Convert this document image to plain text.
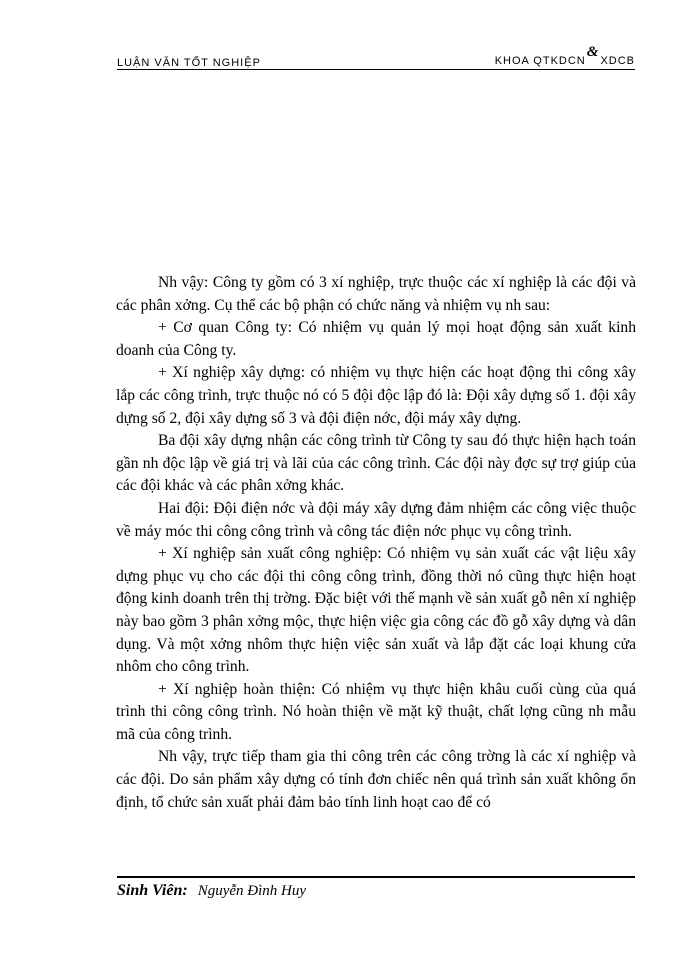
LUẬN VĂN TỐT NGHIỆP	KHOA QTKDCN&XDCB

Nh vậy: Công ty gồm có 3 xí nghiệp, trực thuộc các xí nghiệp là các đội và các phân xởng. Cụ thể các bộ phận có chức năng và nhiệm vụ nh sau:

+ Cơ quan Công ty: Có nhiệm vụ quản lý mọi hoạt động sản xuất kinh doanh của Công ty.

+ Xí nghiệp xây dựng: có nhiệm vụ thực hiện các hoạt động thi công xây lắp các công trình, trực thuộc nó có 5 đội độc lập đó là: Đội xây dựng số 1. đội xây dựng số 2, đội xây dựng số 3 và đội điện nớc, đội máy xây dựng.

Ba đội xây dựng nhận các công trình từ Công ty sau đó thực hiện hạch toán gần nh độc lập về giá trị và lãi của các công trình. Các đội này đợc sự trợ giúp của các đội khác và các phân xởng khác.

Hai đội: Đội điện nớc và đội máy xây dựng đảm nhiệm các công việc thuộc về máy móc thi công công trình và công tác điện nớc phục vụ công trình.

+ Xí nghiệp sản xuất công nghiệp: Có nhiệm vụ sản xuất các vật liệu xây dựng phục vụ cho các đội thi công công trình, đồng thời nó cũng thực hiện hoạt động kinh doanh trên thị trờng. Đặc biệt với thế mạnh về sản xuất gỗ nên xí nghiệp này bao gồm 3 phân xởng mộc, thực hiện việc gia công các đồ gỗ xây dựng và dân dụng. Và một xởng nhôm thực hiện việc sản xuất và lắp đặt các loại khung cửa nhôm cho công trình.

+ Xí nghiệp hoàn thiện: Có nhiệm vụ thực hiện khâu cuối cùng của quá trình thi công công trình. Nó hoàn thiện về mặt kỹ thuật, chất lợng cũng nh mẫu mã của công trình.

Nh vậy, trực tiếp tham gia thi công trên các công trờng là các xí nghiệp và các đội. Do sản phẩm xây dựng có tính đơn chiếc nên quá trình sản xuất không ổn định, tổ chức sản xuất phải đảm bảo tính linh hoạt cao để có

Sinh Viên: Nguyễn Đình Huy
